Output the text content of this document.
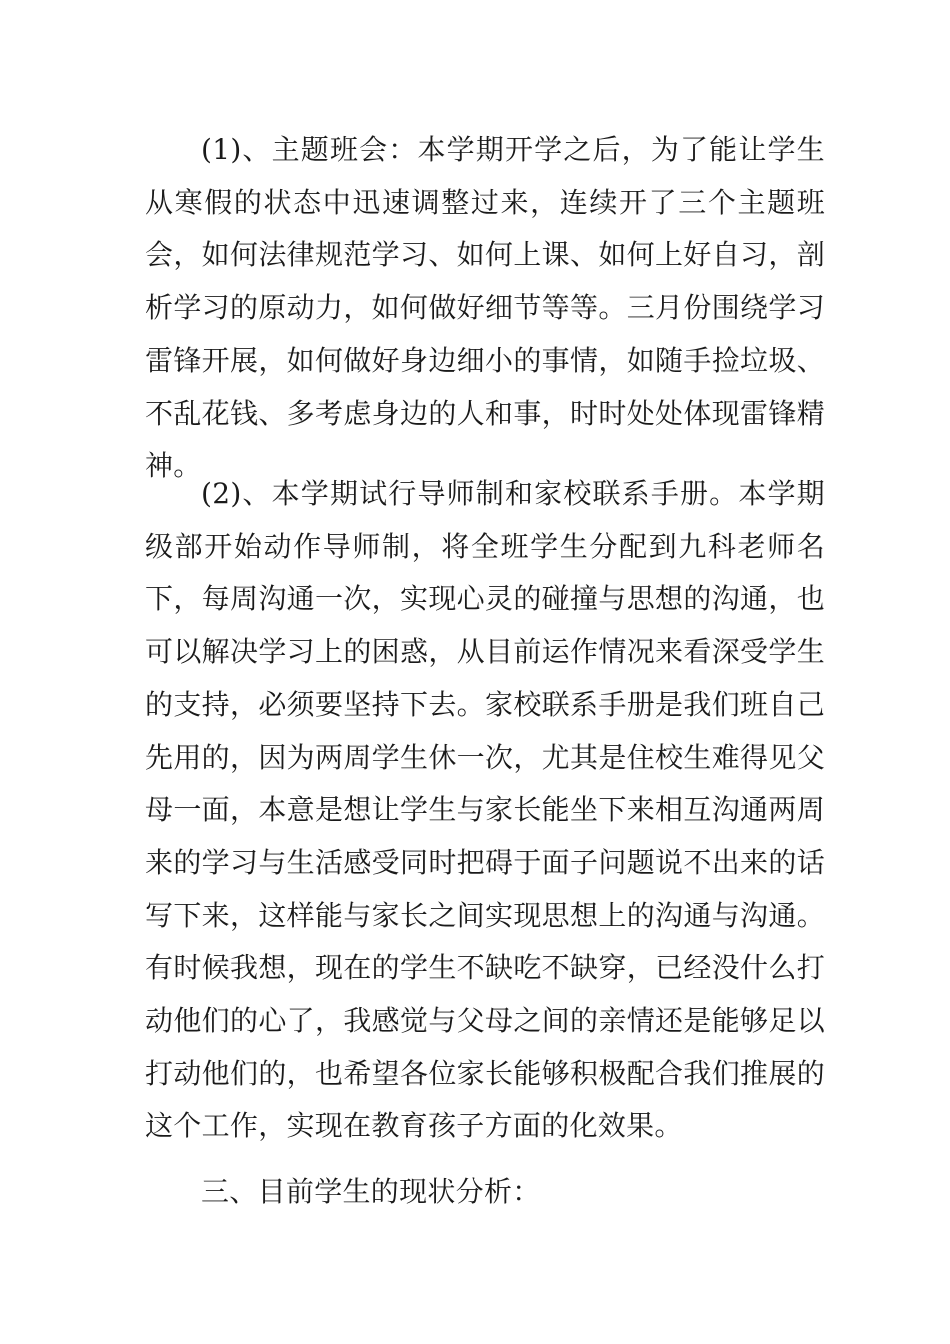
(1)、主题班会：本学期开学之后，为了能让学生从寒假的状态中迅速调整过来，连续开了三个主题班会，如何法律规范学习、如何上课、如何上好自习，剖析学习的原动力，如何做好细节等等。三月份围绕学习雷锋开展，如何做好身边细小的事情，如随手捡垃圾、不乱花钱、多考虑身边的人和事，时时处处体现雷锋精神。

(2)、本学期试行导师制和家校联系手册。本学期级部开始动作导师制，将全班学生分配到九科老师名下，每周沟通一次，实现心灵的碰撞与思想的沟通，也可以解决学习上的困惑，从目前运作情况来看深受学生的支持，必须要坚持下去。家校联系手册是我们班自己先用的，因为两周学生休一次，尤其是住校生难得见父母一面，本意是想让学生与家长能坐下来相互沟通两周来的学习与生活感受同时把碍于面子问题说不出来的话写下来，这样能与家长之间实现思想上的沟通与沟通。有时候我想，现在的学生不缺吃不缺穿，已经没什么打动他们的心了，我感觉与父母之间的亲情还是能够足以打动他们的，也希望各位家长能够积极配合我们推展的这个工作，实现在教育孩子方面的化效果。

三、目前学生的现状分析：
